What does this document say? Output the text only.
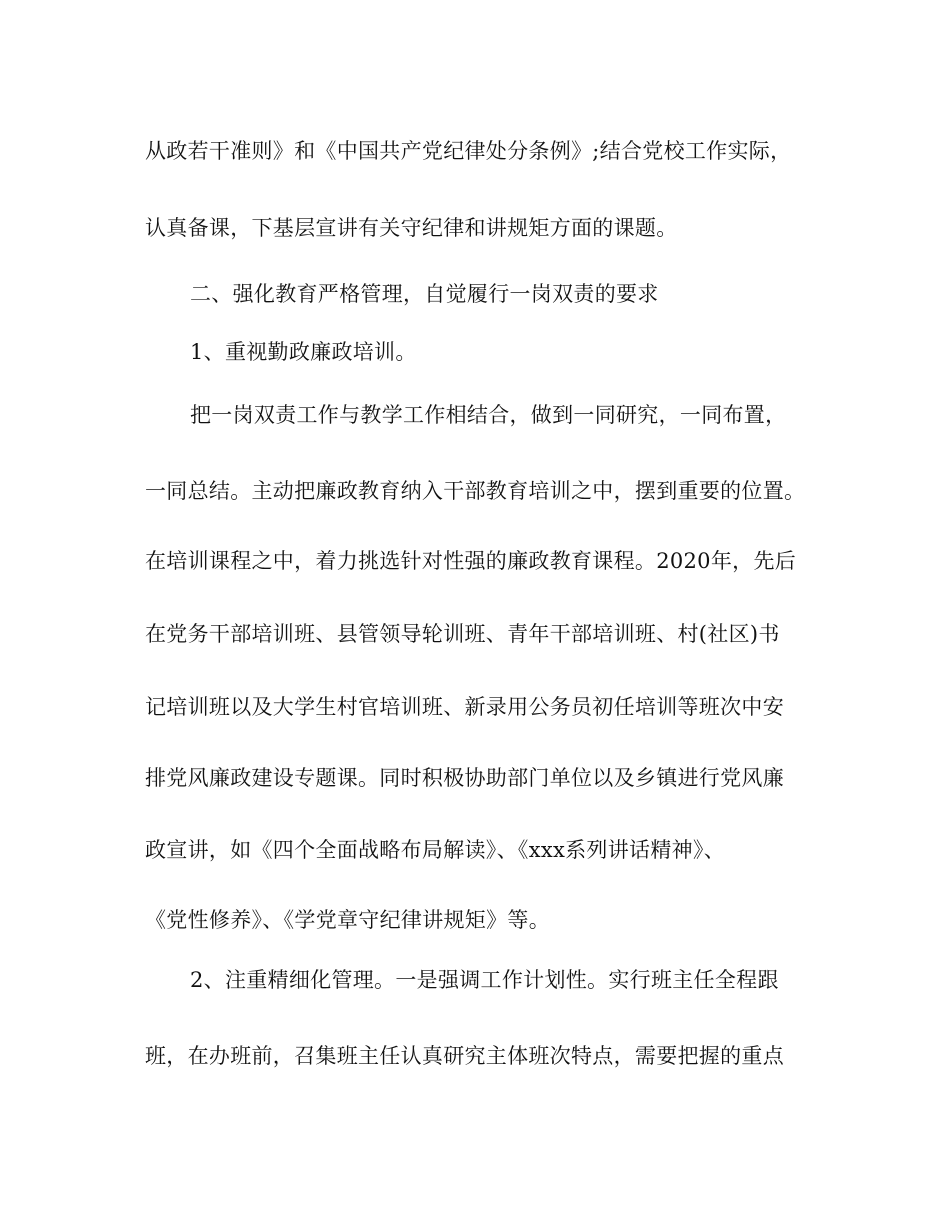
从政若干准则》和《中国共产党纪律处分条例》;结合党校工作实际，

认真备课，下基层宣讲有关守纪律和讲规矩方面的课题。

二、强化教育严格管理，自觉履行一岗双责的要求

1、重视勤政廉政培训。

把一岗双责工作与教学工作相结合，做到一同研究，一同布置，

一同总结。主动把廉政教育纳入干部教育培训之中，摆到重要的位置。

在培训课程之中，着力挑选针对性强的廉政教育课程。2020年，先后

在党务干部培训班、县管领导轮训班、青年干部培训班、村(社区)书

记培训班以及大学生村官培训班、新录用公务员初任培训等班次中安

排党风廉政建设专题课。同时积极协助部门单位以及乡镇进行党风廉

政宣讲，如《四个全面战略布局解读》、《xxx系列讲话精神》、

《党性修养》、《学党章守纪律讲规矩》等。

2、注重精细化管理。一是强调工作计划性。实行班主任全程跟

班，在办班前，召集班主任认真研究主体班次特点，需要把握的重点
